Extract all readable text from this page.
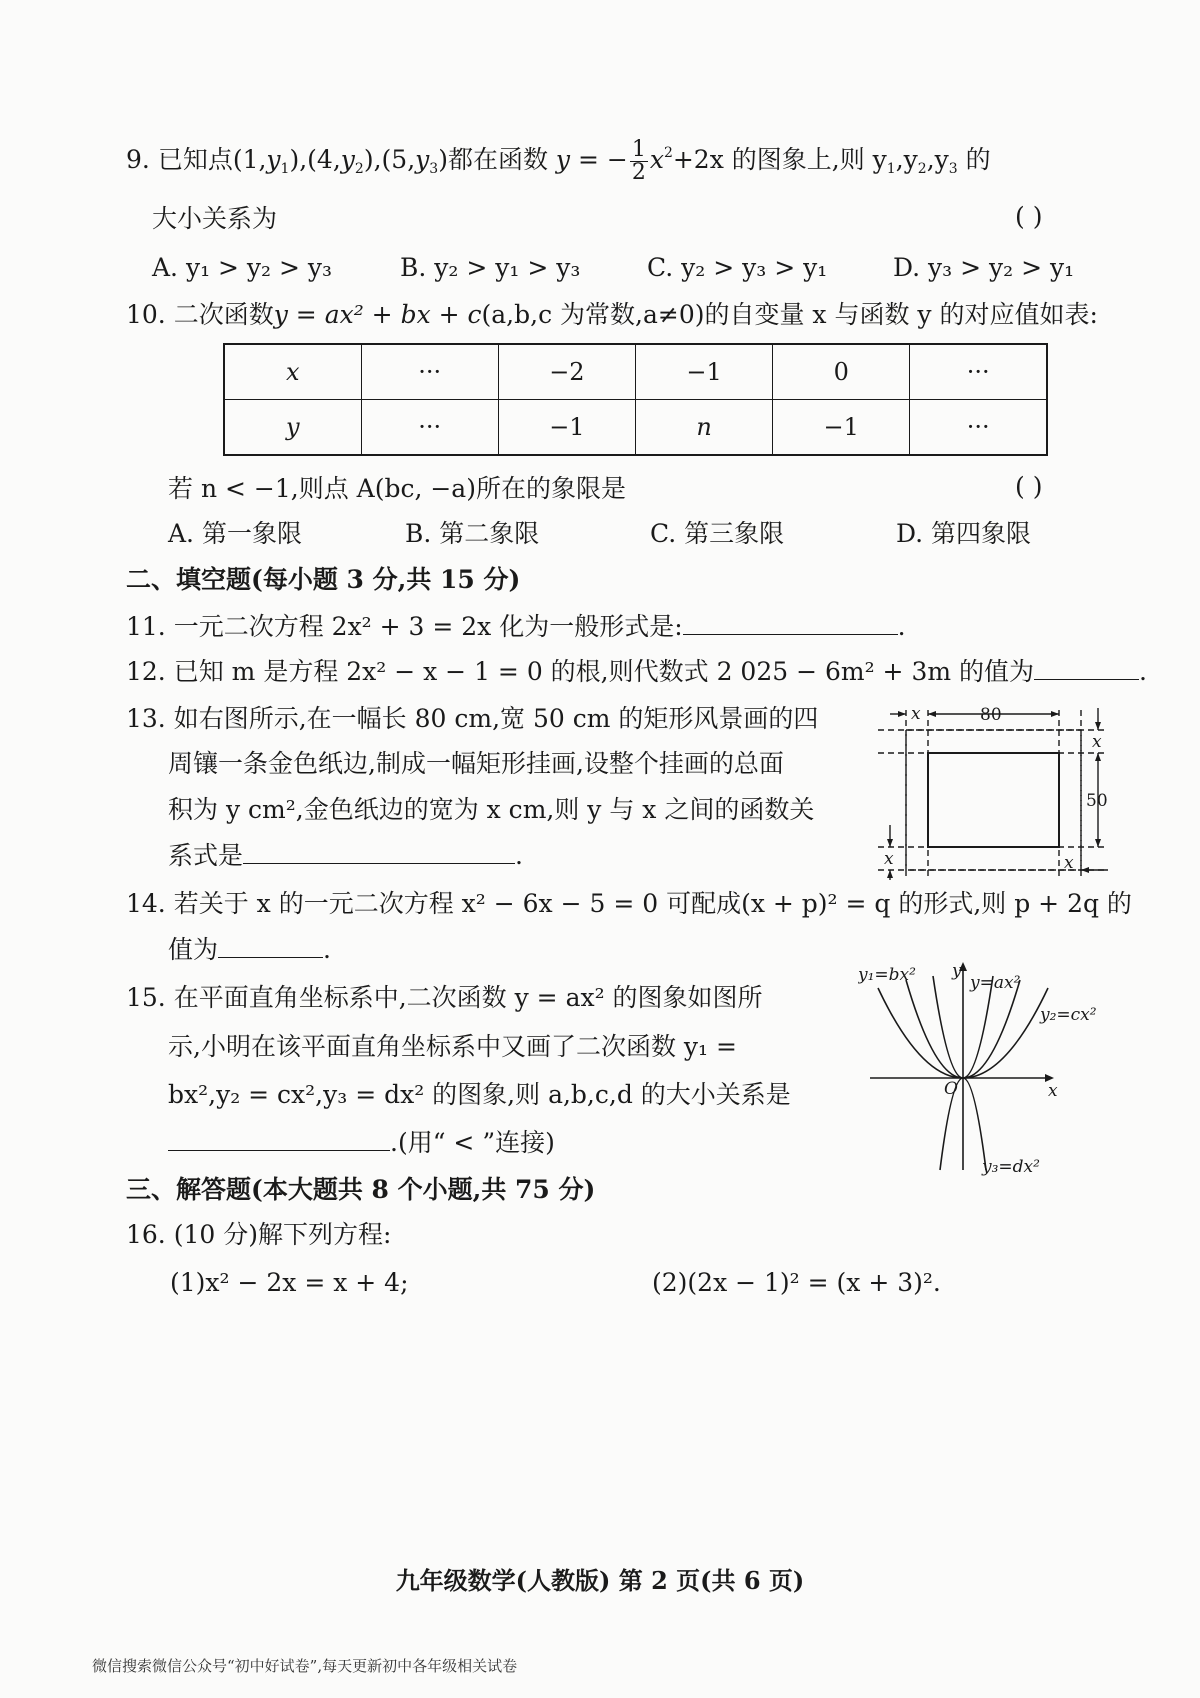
9. 已知点$(1,y_1),(4,y_2),(5,y_3)$都在函数 y = − $\frac{1}{2} x^2+2x$ 的图象上,则 $y_1,y_2,y_3$ 的
大小关系为	( )
A. y₁ > y₂ > y₃	B. y₂ > y₁ > y₃	C. y₂ > y₃ > y₁	D. y₃ > y₂ > y₁
10. 二次函数y = ax² + bx + c(a,b,c 为常数,a≠0)的自变量 x 与函数 y 的对应值如表:
x	···	−2	−1	0	···
y	···	−1	n	−1	···
若 n < −1,则点 A(bc, −a)所在的象限是	( )
A. 第一象限	B. 第二象限	C. 第三象限	D. 第四象限
二、填空题(每小题 3 分,共 15 分)
11. 一元二次方程 2x² + 3 = 2x 化为一般形式是:	.
12. 已知 m 是方程 2x² − x − 1 = 0 的根,则代数式 2 025 − 6m² + 3m 的值为	.
13. 如右图所示,在一幅长 80 cm,宽 50 cm 的矩形风景画的四
周镶一条金色纸边,制成一幅矩形挂画,设整个挂画的总面
积为 y cm²,金色纸边的宽为 x cm,则 y 与 x 之间的函数关
系式是	.
x	80
x
50
x	x
14. 若关于 x 的一元二次方程 x² − 6x − 5 = 0 可配成(x + p)² = q 的形式,则 p + 2q 的
值为	.
15. 在平面直角坐标系中,二次函数 y = ax² 的图象如图所
示,小明在该平面直角坐标系中又画了二次函数 y₁ =
bx²,y₂ = cx²,y₃ = dx² 的图象,则 a,b,c,d 的大小关系是
.(用“ < ”连接)
y₁=bx² y
y=ax²
y₂=cx²
O	x
y₃=dx²
三、解答题(本大题共 8 个小题,共 75 分)
16. (10 分)解下列方程:
(1)x² − 2x = x + 4;	(2)(2x − 1)² = (x + 3)².
九年级数学(人教版) 第 2 页(共 6 页)
微信搜索微信公众号“初中好试卷”,每天更新初中各年级相关试卷
